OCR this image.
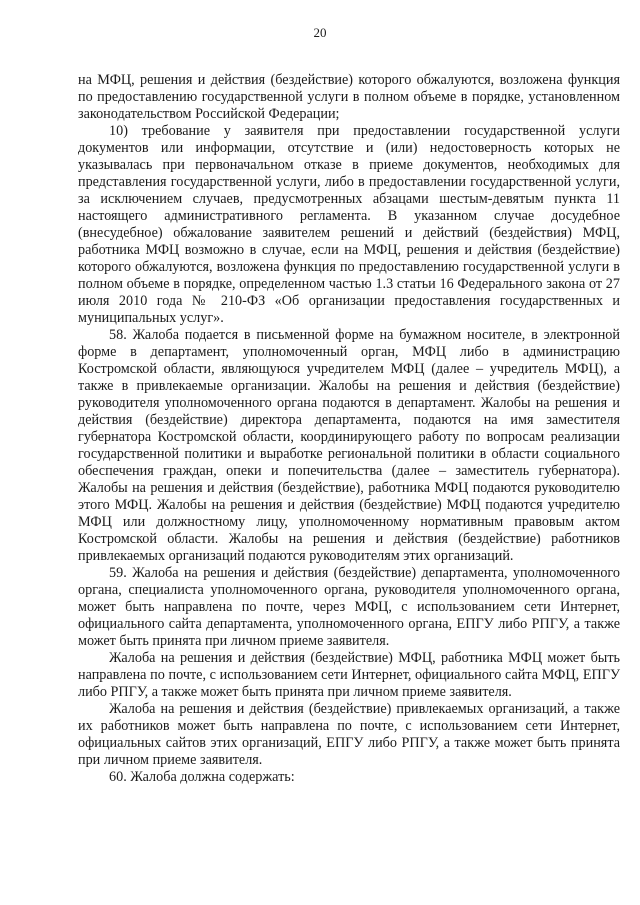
20

на МФЦ, решения и действия (бездействие) которого обжалуются, возложена функция по предоставлению государственной услуги в полном объеме в порядке, установленном законодательством Российской Федерации;

10) требование у заявителя при предоставлении государственной услуги документов или информации, отсутствие и (или) недостоверность которых не указывалась при первоначальном отказе в приеме документов, необходимых для представления государственной услуги, либо в предоставлении государственной услуги, за исключением случаев, предусмотренных абзацами шестым-девятым пункта 11 настоящего административного регламента. В указанном случае досудебное (внесудебное) обжалование заявителем решений и действий (бездействия) МФЦ, работника МФЦ возможно в случае, если на МФЦ, решения и действия (бездействие) которого обжалуются, возложена функция по предоставлению государственной услуги в полном объеме в порядке, определенном частью 1.3 статьи 16 Федерального закона от 27 июля 2010 года № 210-ФЗ «Об организации предоставления государственных и муниципальных услуг».

58. Жалоба подается в письменной форме на бумажном носителе, в электронной форме в департамент, уполномоченный орган, МФЦ либо в администрацию Костромской области, являющуюся учредителем МФЦ (далее – учредитель МФЦ), а также в привлекаемые организации. Жалобы на решения и действия (бездействие) руководителя уполномоченного органа подаются в департамент. Жалобы на решения и действия (бездействие) директора департамента, подаются на имя заместителя губернатора Костромской области, координирующего работу по вопросам реализации государственной политики и выработке региональной политики в области социального обеспечения граждан, опеки и попечительства (далее – заместитель губернатора). Жалобы на решения и действия (бездействие), работника МФЦ подаются руководителю этого МФЦ. Жалобы на решения и действия (бездействие) МФЦ подаются учредителю МФЦ или должностному лицу, уполномоченному нормативным правовым актом Костромской области. Жалобы на решения и действия (бездействие) работников привлекаемых организаций подаются руководителям этих организаций.

59. Жалоба на решения и действия (бездействие) департамента, уполномоченного органа, специалиста уполномоченного органа, руководителя уполномоченного органа, может быть направлена по почте, через МФЦ, с использованием сети Интернет, официального сайта департамента, уполномоченного органа, ЕПГУ либо РПГУ, а также может быть принята при личном приеме заявителя.

Жалоба на решения и действия (бездействие) МФЦ, работника МФЦ может быть направлена по почте, с использованием сети Интернет, официального сайта МФЦ, ЕПГУ либо РПГУ, а также может быть принята при личном приеме заявителя.

Жалоба на решения и действия (бездействие) привлекаемых организаций, а также их работников может быть направлена по почте, с использованием сети Интернет, официальных сайтов этих организаций, ЕПГУ либо РПГУ, а также может быть принята при личном приеме заявителя.

60. Жалоба должна содержать:
